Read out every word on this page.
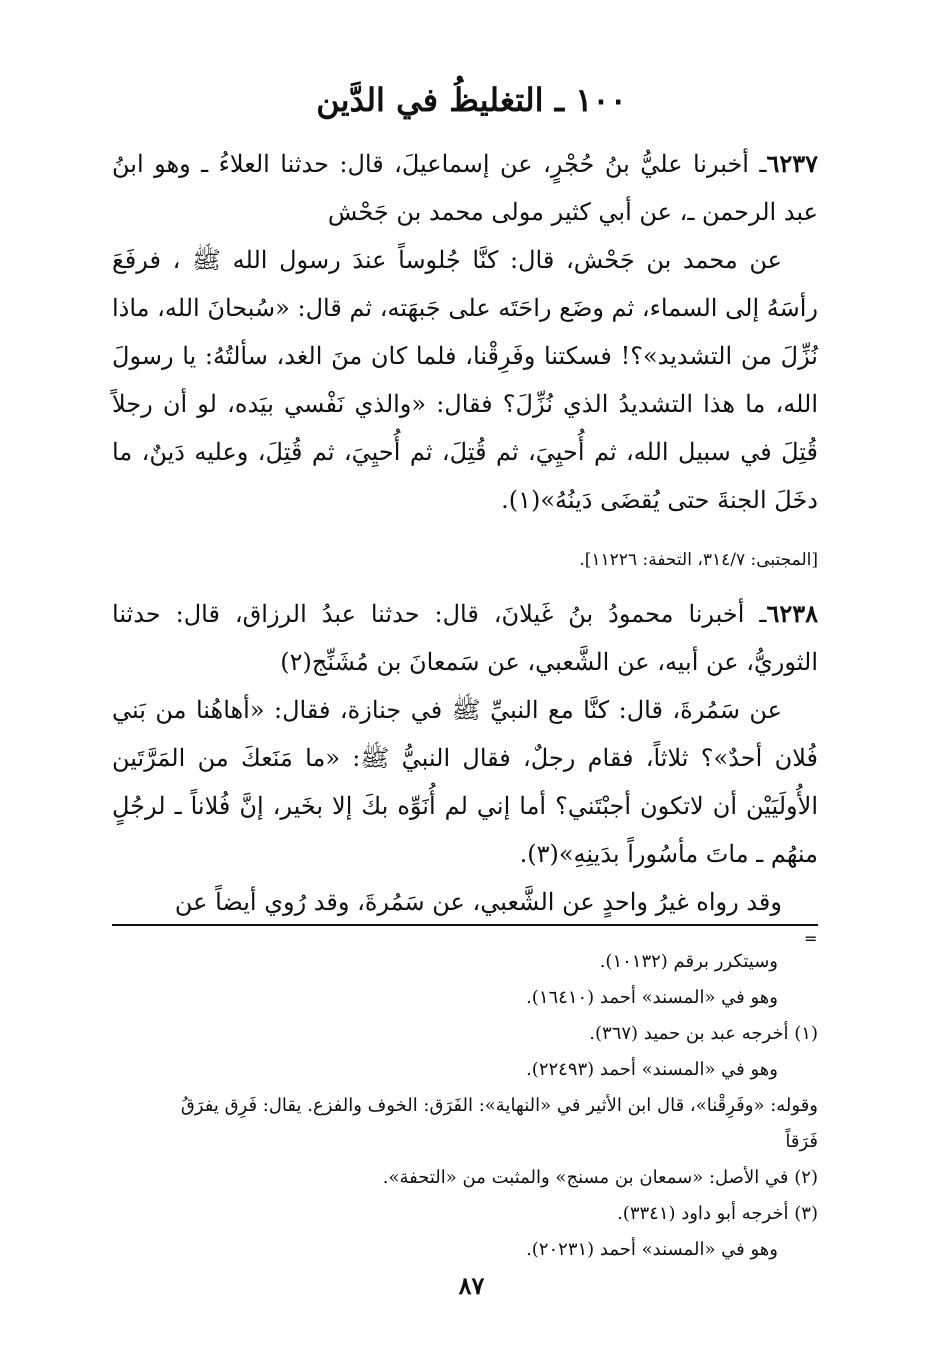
١٠٠ ـ التغليظُ في الدَّين

٦٢٣٧ـ أخبرنا عليُّ بنُ حُجْرٍ، عن إسماعيلَ، قال: حدثنا العلاءُ ـ وهو ابنُ عبد الرحمن ـ، عن أبي كثير مولى محمد بن جَحْش

عن محمد بن جَحْش، قال: كنَّا جُلوساً عندَ رسول الله ﷺ ، فرفَعَ رأسَهُ إلى السماء، ثم وضَع راحَتَه على جَبهَته، ثم قال: «سُبحانَ الله، ماذا نُزِّلَ من التشديد»؟! فسكتنا وفَرِقْنا، فلما كان منَ الغد، سألتُهُ: يا رسولَ الله، ما هذا التشديدُ الذي نُزِّلَ؟ فقال: «والذي نَفْسي بيَده، لو أن رجلاً قُتِلَ في سبيل الله، ثم أُحيِيَ، ثم قُتِلَ، ثم أُحيِيَ، ثم قُتِلَ، وعليه دَينٌ، ما دخَلَ الجنةَ حتى يُقضَى دَينُهُ»(١).

[المجتبى: ٣١٤/٧، التحفة: ١١٢٢٦].

٦٢٣٨ـ أخبرنا محمودُ بنُ غَيلانَ، قال: حدثنا عبدُ الرزاق، قال: حدثنا الثوريُّ، عن أبيه، عن الشَّعبي، عن سَمعانَ بن مُشَنِّج(٢)

عن سَمُرةَ، قال: كنَّا مع النبيِّ ﷺ في جنازة، فقال: «أهاهُنا من بَني فُلان أحدٌ»؟ ثلاثاً، فقام رجلٌ، فقال النبيُّ ﷺ: «ما مَنَعكَ من المَرَّتَين الأُولَيَيْن أن لاتكون أجبْتَني؟ أما إني لم أُنَوِّه بكَ إلا بخَير، إنَّ فُلاناً ـ لرجُلٍ منهُم ـ ماتَ مأسُوراً بدَينِهِ»(٣).

وقد رواه غيرُ واحدٍ عن الشَّعبي، عن سَمُرةَ، وقد رُوي أيضاً عن

=

وسيتكرر برقم (١٠١٣٢).

وهو في «المسند» أحمد (١٦٤١٠).

(١) أخرجه عبد بن حميد (٣٦٧).

وهو في «المسند» أحمد (٢٢٤٩٣).

وقوله: «وفَرِقْنا»، قال ابن الأثير في «النهاية»: الفَرَق: الخوف والفزع. يقال: فَرِق يفرَقُ فَرَقاً

(٢) في الأصل: «سمعان بن مسنج» والمثبت من «التحفة».

(٣) أخرجه أبو داود (٣٣٤١).

وهو في «المسند» أحمد (٢٠٢٣١).

٨٧
